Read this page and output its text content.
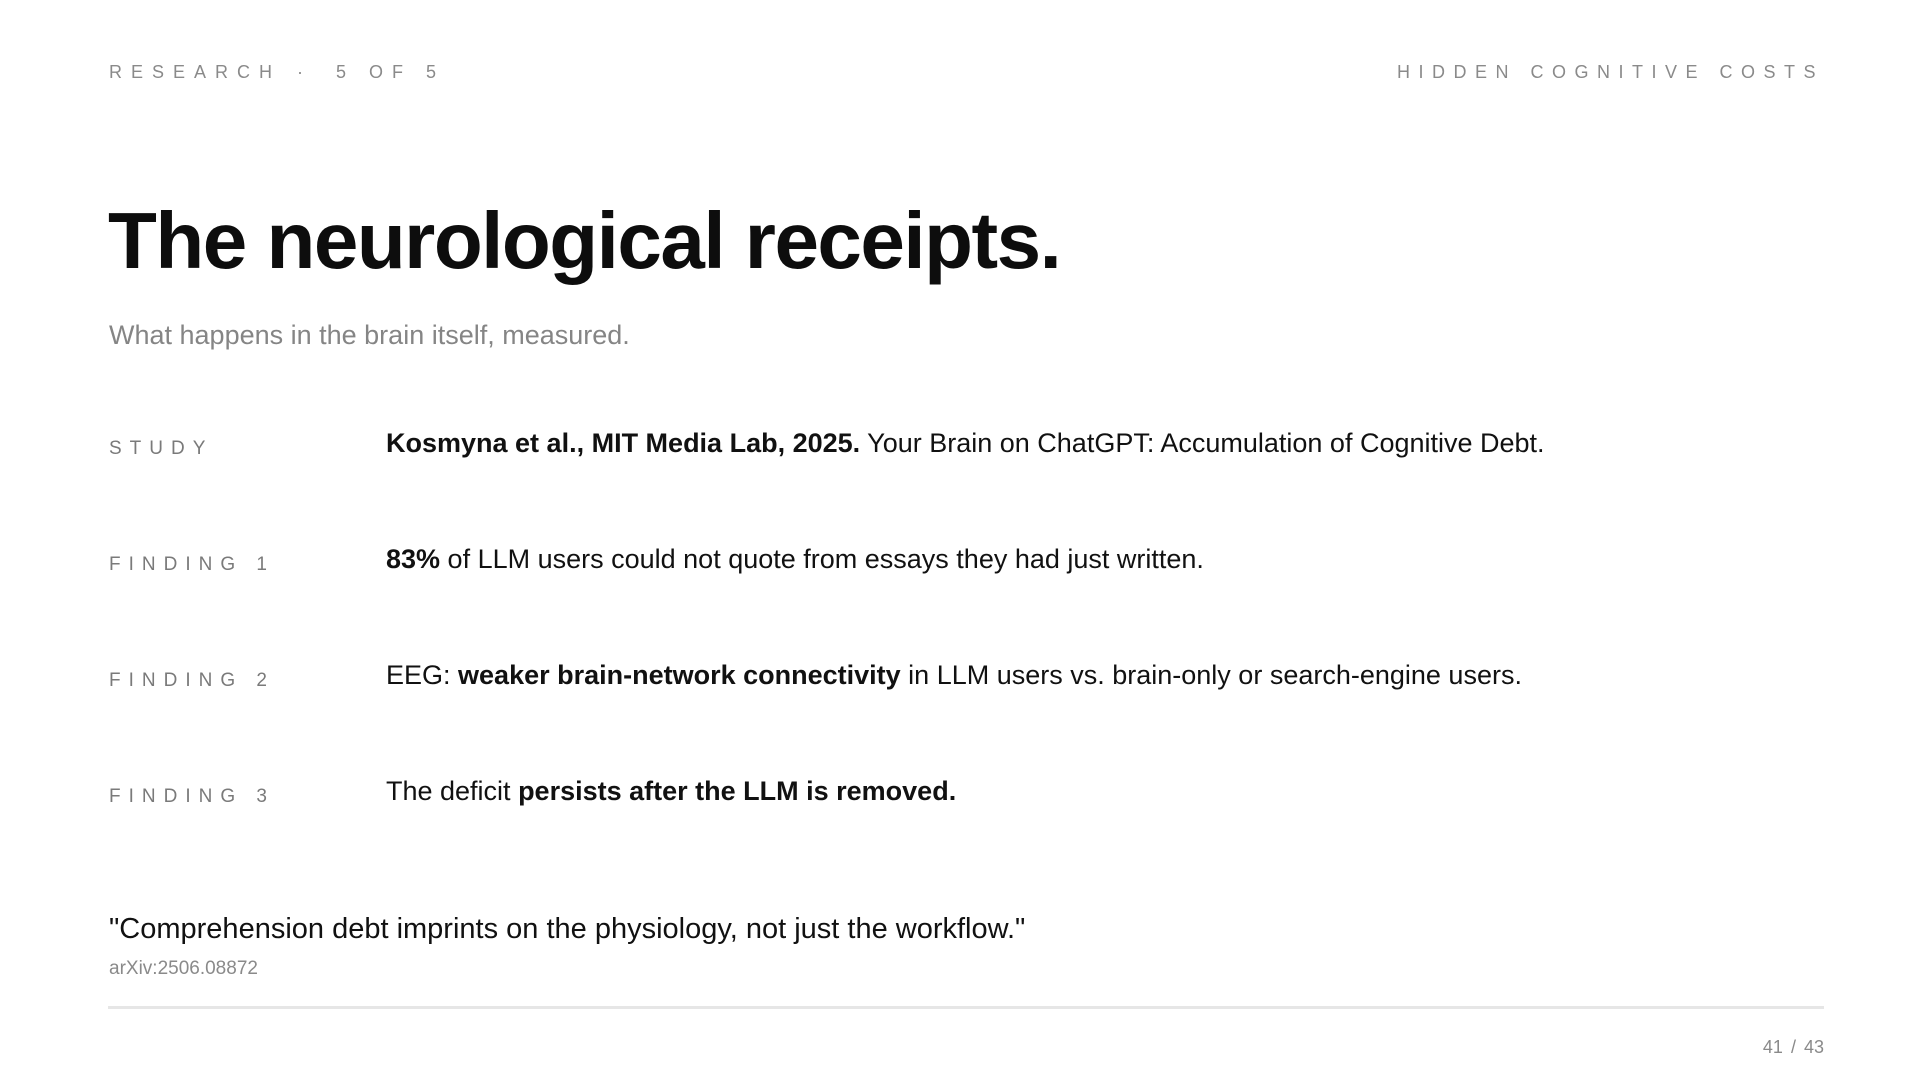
RESEARCH · 5 OF 5	HIDDEN COGNITIVE COSTS
The neurological receipts.
What happens in the brain itself, measured.
STUDY	Kosmyna et al., MIT Media Lab, 2025. Your Brain on ChatGPT: Accumulation of Cognitive Debt.
FINDING 1	83% of LLM users could not quote from essays they had just written.
FINDING 2	EEG: weaker brain-network connectivity in LLM users vs. brain-only or search-engine users.
FINDING 3	The deficit persists after the LLM is removed.
"Comprehension debt imprints on the physiology, not just the workflow."
arXiv:2506.08872
41 / 43
